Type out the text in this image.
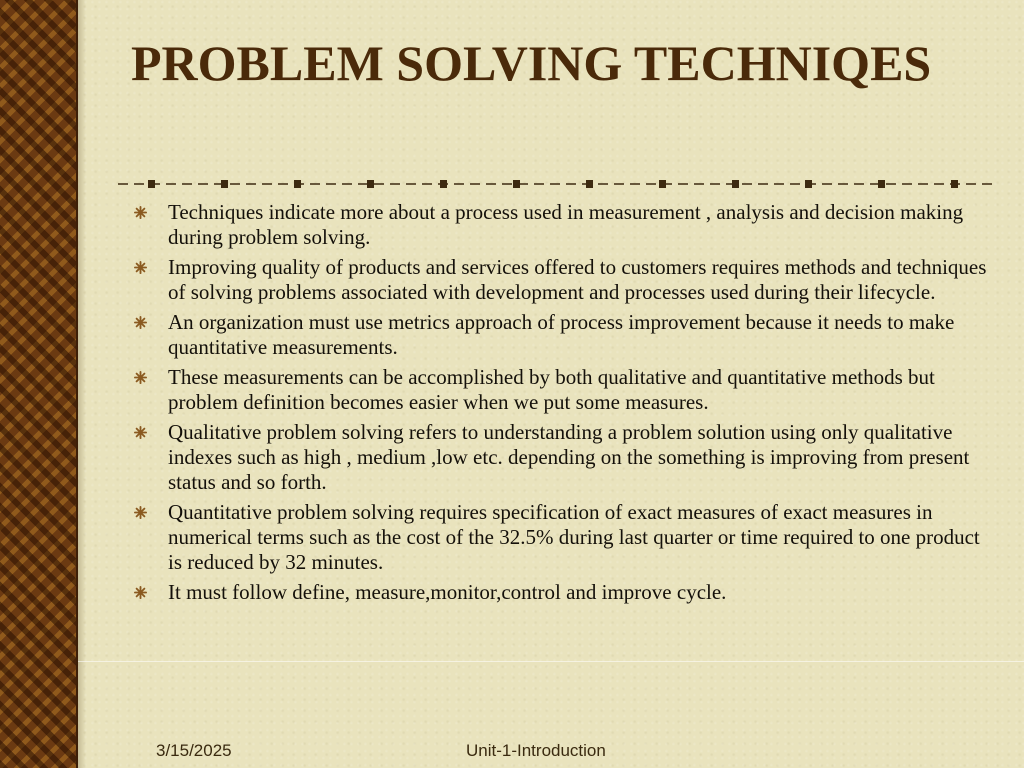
PROBLEM SOLVING TECHNIQES
Techniques indicate more about a process used in measurement , analysis and decision making during problem solving.
Improving quality of products and services offered to customers requires methods and techniques of solving problems associated with development and processes used during their lifecycle.
An organization must use metrics approach of process improvement because it needs to make quantitative measurements.
These measurements can be accomplished by both qualitative and quantitative methods but problem definition becomes easier when we put some measures.
Qualitative problem solving refers to understanding a problem solution using only qualitative indexes such as high , medium ,low etc. depending on the something is improving from present status and so forth.
Quantitative problem solving requires specification of exact measures of exact measures in numerical terms such as the cost of the 32.5% during last quarter or time required to one product is reduced by 32 minutes.
It must follow define, measure,monitor,control and improve cycle.
3/15/2025	Unit-1-Introduction
